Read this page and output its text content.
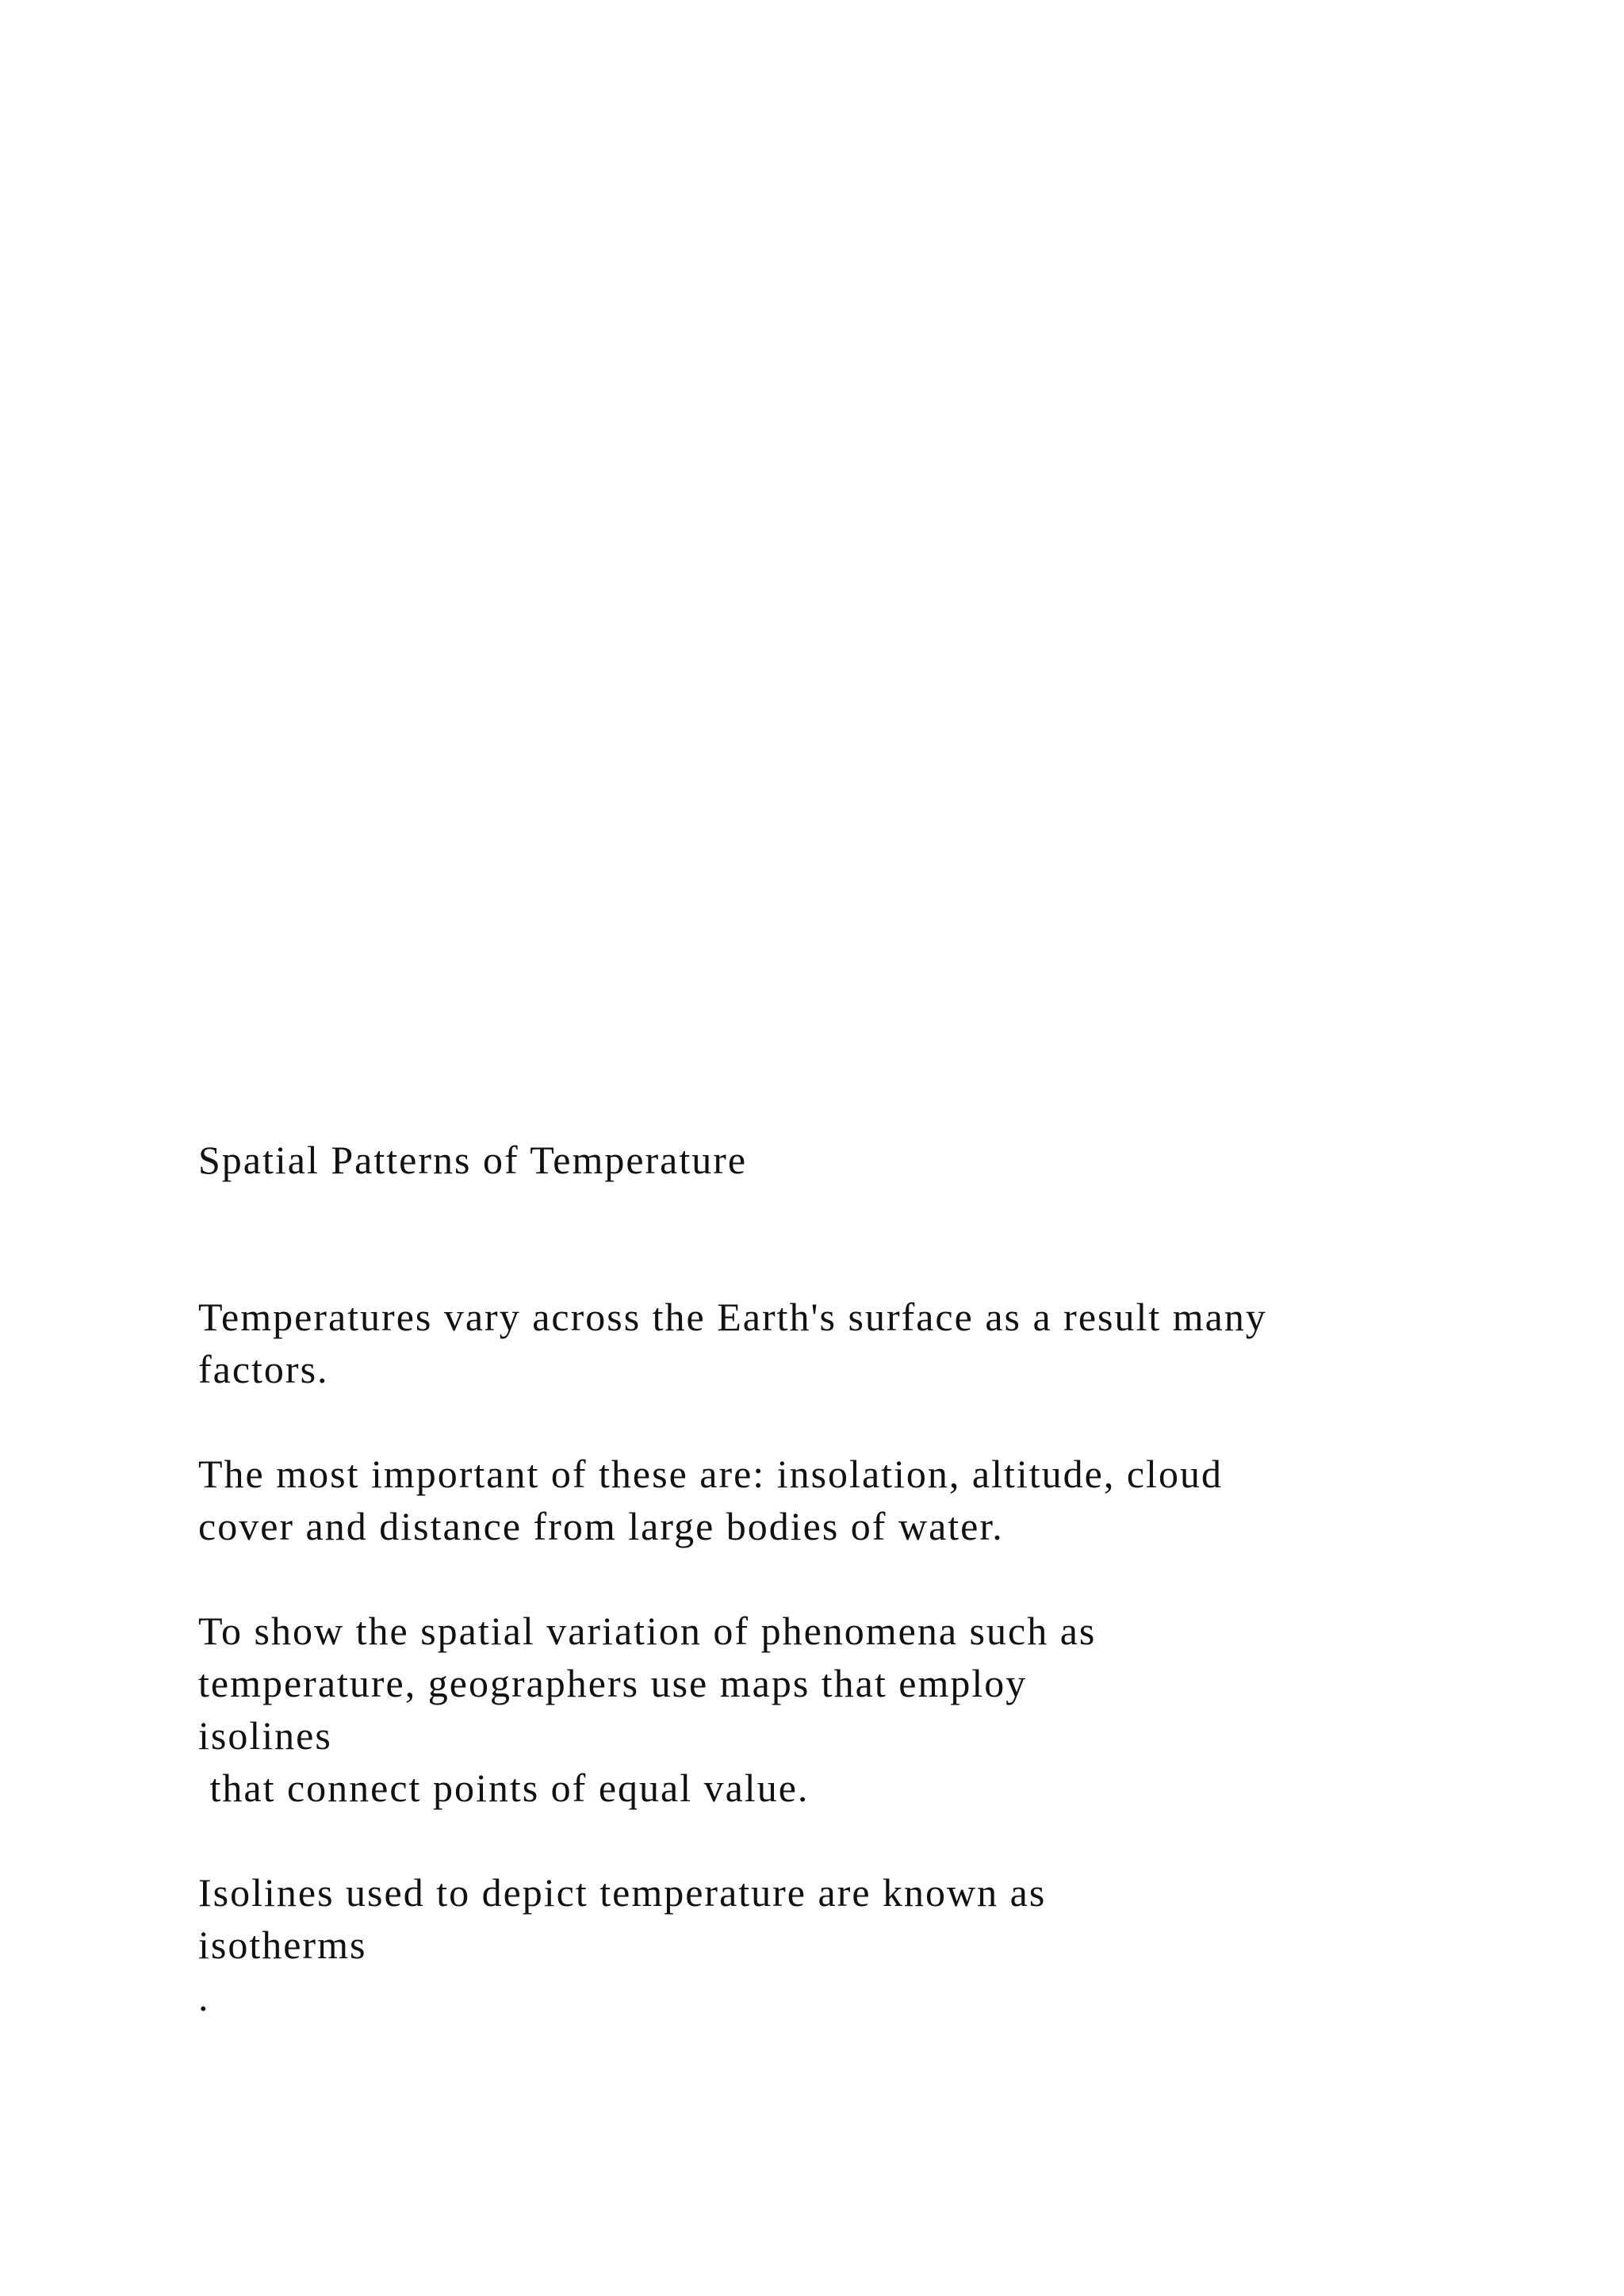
Spatial Patterns of Temperature

Temperatures vary across the Earth's surface as a result many

factors.

The most important of these are: insolation, altitude, cloud

cover and distance from large bodies of water.

To show the spatial variation of phenomena such as

temperature, geographers use maps that employ

isolines

that connect points of equal value.

Isolines used to depict temperature are known as

isotherms

.
